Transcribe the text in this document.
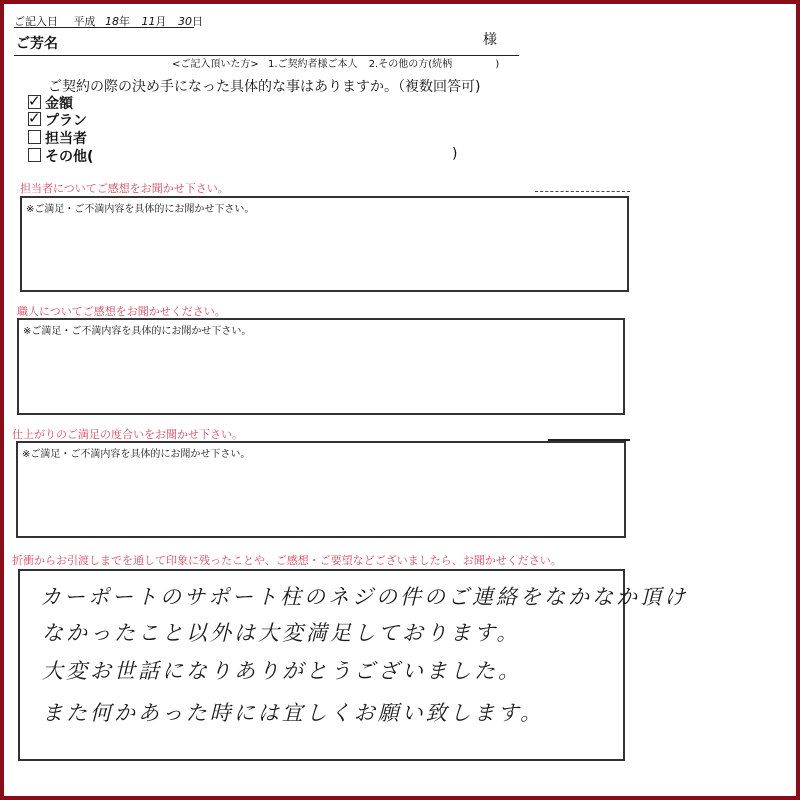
ご記入日 平成 18年 11月 30日
ご芳名	様
<ご記入頂いた方> 1.ご契約者様ご本人 2.その他の方(続柄	)
ご契約の際の決め手になった具体的な事はありますか。（複数回答可)
✓ 金額
✓ プラン
担当者
その他(	)
担当者についてご感想をお聞かせ下さい。
※ご満足・ご不満内容を具体的にお聞かせ下さい。
職人についてご感想をお聞かせください。
※ご満足・ご不満内容を具体的にお聞かせ下さい。
仕上がりのご満足の度合いをお聞かせ下さい。
※ご満足・ご不満内容を具体的にお聞かせ下さい。
折衝からお引渡しまでを通して印象に残ったことや、ご感想・ご要望などございましたら、お聞かせください。
カーポートのサポート柱のネジの件のご連絡をなかなか頂け
なかったこと以外は大変満足しております。
大変お世話になりありがとうございました。
また何かあった時には宜しくお願い致します。
